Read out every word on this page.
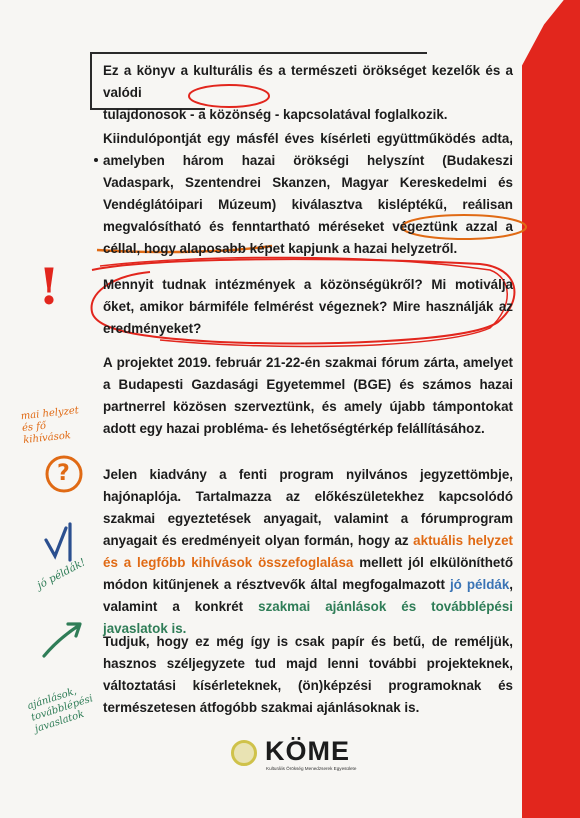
!
?
mai helyzet és fő kihívások
jó példák!
ajánlások, továbblépési javaslatok

Ez a könyv a kulturális és a természeti örökséget kezelők és a valódi
tulajdonosok - a közönség - kapcsolatával foglalkozik.

Kiindulópontját egy másfél éves kísérleti együttműködés adta, amelyben három hazai örökségi helyszínt (Budakeszi Vadaspark, Szentendrei Skanzen, Magyar Kereskedelmi és Vendéglátóipari Múzeum) kiválasztva kisléptékű, reálisan megvalósítható és fenntartható méréseket végeztünk azzal a céllal, hogy alaposabb képet kapjunk a hazai helyzetről.

Mennyit tudnak intézmények a közönségükről? Mi motiválja őket, amikor bármiféle felmérést végeznek? Mire használják az eredményeket?

A projektet 2019. február 21-22-én szakmai fórum zárta, amelyet a Budapesti Gazdasági Egyetemmel (BGE) és számos hazai partnerrel közösen szerveztünk, és amely újabb támpontokat adott egy hazai probléma- és lehetőségtérkép felállításához.

Jelen kiadvány a fenti program nyilvános jegyzettömbje, hajónaplója. Tartalmazza az előkészületekhez kapcsolódó szakmai egyeztetések anyagait, valamint a fórumprogram anyagait és eredményeit olyan formán, hogy az aktuális helyzet és a legfőbb kihívások összefoglalása mellett jól elkülöníthető módon kitűnjenek a résztvevők által megfogalmazott jó példák, valamint a konkrét szakmai ajánlások és továbblépési javaslatok is.

Tudjuk, hogy ez még így is csak papír és betű, de reméljük, hasznos széljegyzete tud majd lenni további projekteknek, változtatási kísérleteknek, (ön)képzési programoknak és természetesen átfogóbb szakmai ajánlásoknak is.

KÖME
Kulturális Örökség Menedzserek Egyesülete
